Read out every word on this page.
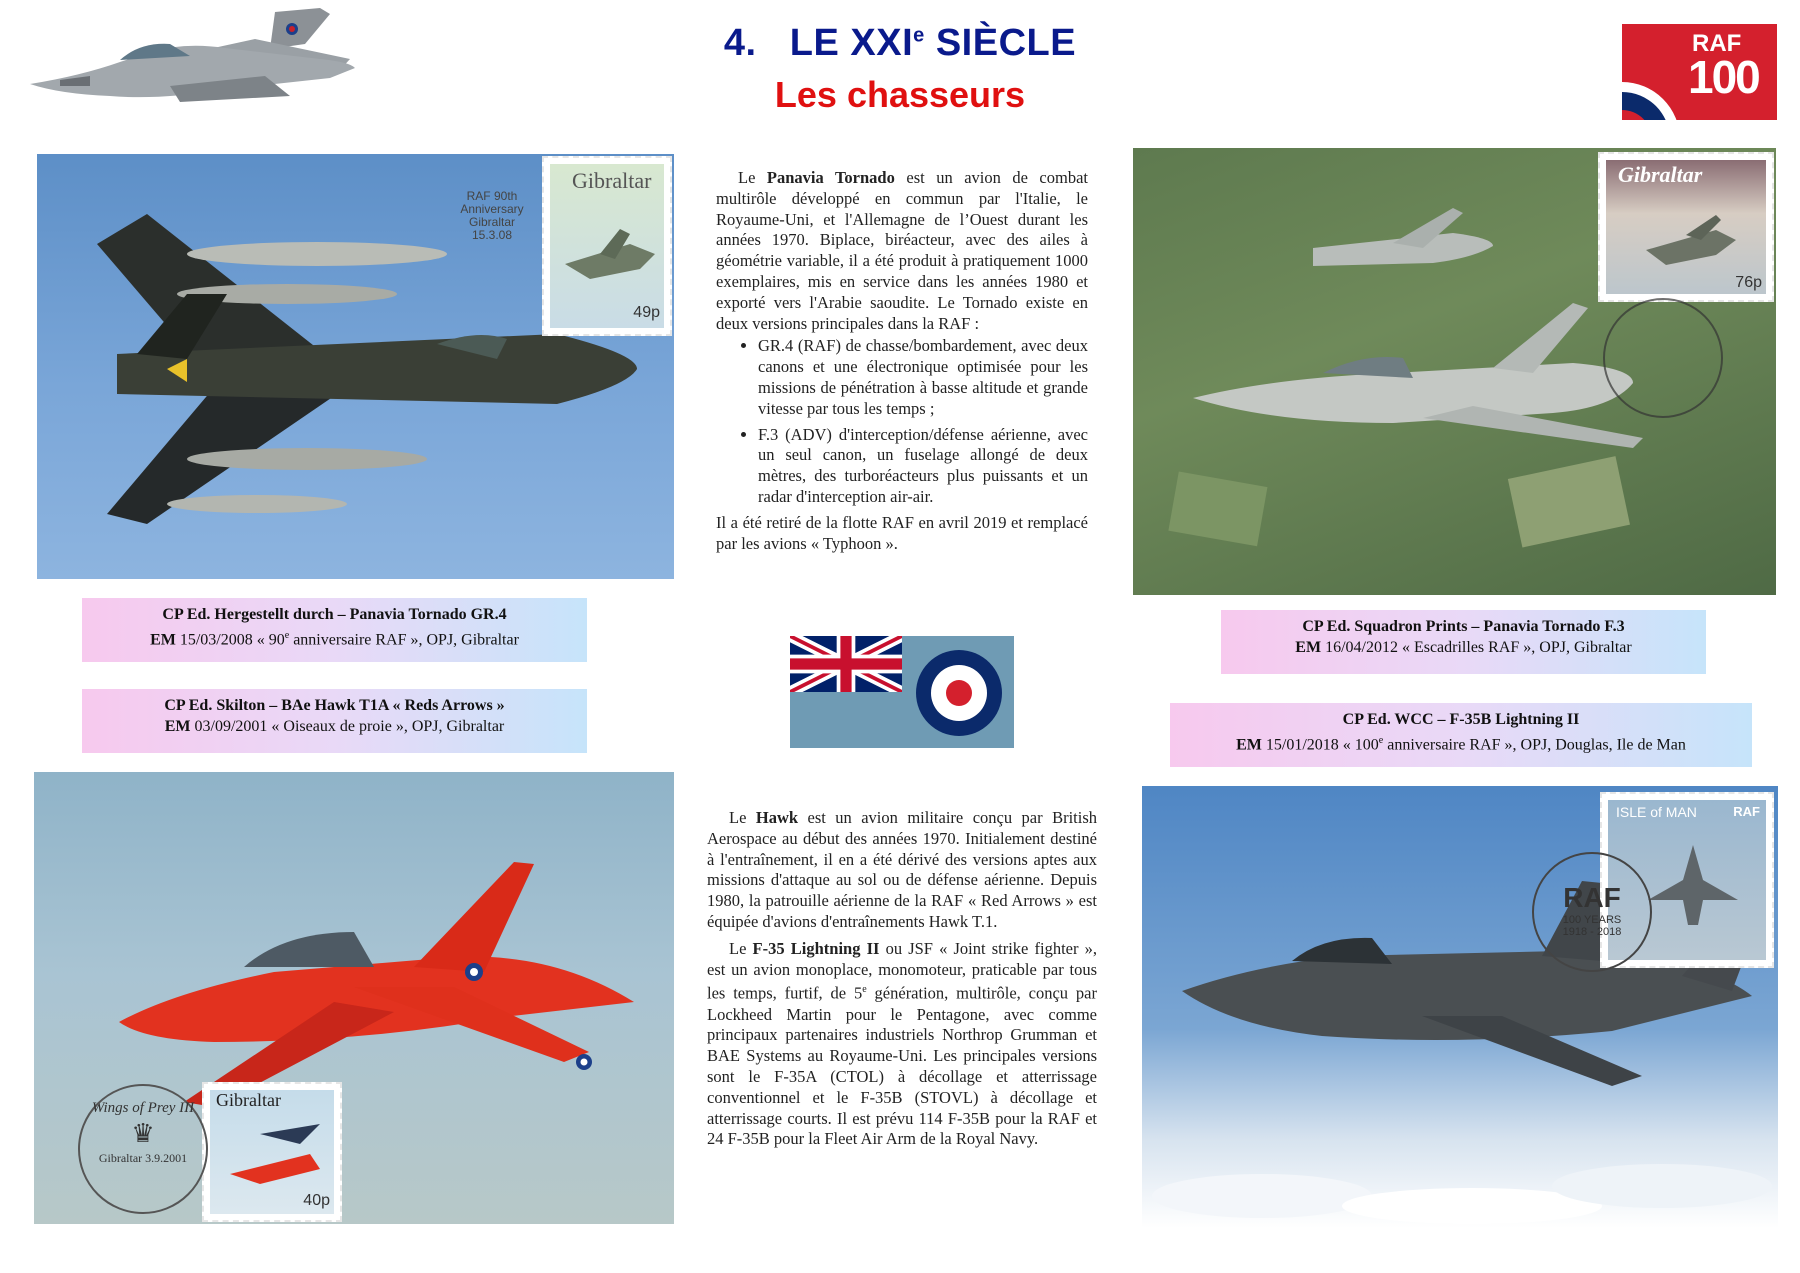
4. LE XXIe SIÈCLE
Les chasseurs
RAF
100
Gibraltar
49p
RAF 90th
Anniversary
Gibraltar
15.3.08
CP Ed. Hergestellt durch – Panavia Tornado GR.4
EM 15/03/2008 « 90e anniversaire RAF », OPJ, Gibraltar
CP Ed. Skilton – BAe Hawk T1A « Reds Arrows »
EM 03/09/2001 « Oiseaux de proie », OPJ, Gibraltar
Gibraltar
40p
Wings of Prey III
♛
Gibraltar 3.9.2001

Le Panavia Tornado est un avion de combat multirôle développé en commun par l'Italie, le Royaume-Uni, et l'Allemagne de l’Ouest durant les années 1970. Biplace, biréacteur, avec des ailes à géométrie variable, il a été produit à pratiquement 1000 exemplaires, mis en service dans les années 1980 et exporté vers l'Arabie saoudite. Le Tornado existe en deux versions principales dans la RAF :

• GR.4 (RAF) de chasse/bombardement, avec deux canons et une électronique optimisée pour les missions de pénétration à basse altitude et grande vitesse par tous les temps ;
• F.3 (ADV) d'interception/défense aérienne, avec un seul canon, un fuselage allongé de deux mètres, des turboréacteurs plus puissants et un radar d'interception air-air.

Il a été retiré de la flotte RAF en avril 2019 et remplacé par les avions « Typhoon ».

Le Hawk est un avion militaire conçu par British Aerospace au début des années 1970. Initialement destiné à l'entraînement, il en a été dérivé des versions aptes aux missions d'attaque au sol ou de défense aérienne. Depuis 1980, la patrouille aérienne de la RAF « Red Arrows » est équipée d'avions d'entraînements Hawk T.1.

Le F-35 Lightning II ou JSF « Joint strike fighter », est un avion monoplace, monomoteur, praticable par tous les temps, furtif, de 5e génération, multirôle, conçu par Lockheed Martin pour le Pentagone, avec comme principaux partenaires industriels Northrop Grumman et BAE Systems au Royaume-Uni. Les principales versions sont le F-35A (CTOL) à décollage et atterrissage conventionnel et le F-35B (STOVL) à décollage et atterrissage courts. Il est prévu 114 F-35B pour la RAF et 24 F-35B pour la Fleet Air Arm de la Royal Navy.

Gibraltar
76p
CP Ed. Squadron Prints – Panavia Tornado F.3
EM 16/04/2012 « Escadrilles RAF », OPJ, Gibraltar
CP Ed. WCC – F-35B Lightning II
EM 15/01/2018 « 100e anniversaire RAF », OPJ, Douglas, Ile de Man
ISLE of MAN	RAF
RAF
100 YEARS
1918 - 2018
